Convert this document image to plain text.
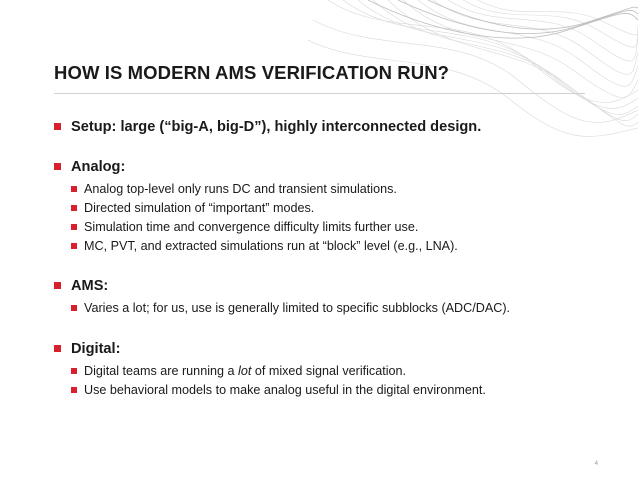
HOW IS MODERN AMS VERIFICATION RUN?
Setup: large (“big-A, big-D”), highly interconnected design.
Analog:
Analog top-level only runs DC and transient simulations.
Directed simulation of “important” modes.
Simulation time and convergence difficulty limits further use.
MC, PVT, and extracted simulations run at “block” level (e.g., LNA).
AMS:
Varies a lot; for us, use is generally limited to specific subblocks (ADC/DAC).
Digital:
Digital teams are running a lot of mixed signal verification.
Use behavioral models to make analog useful in the digital environment.
4
